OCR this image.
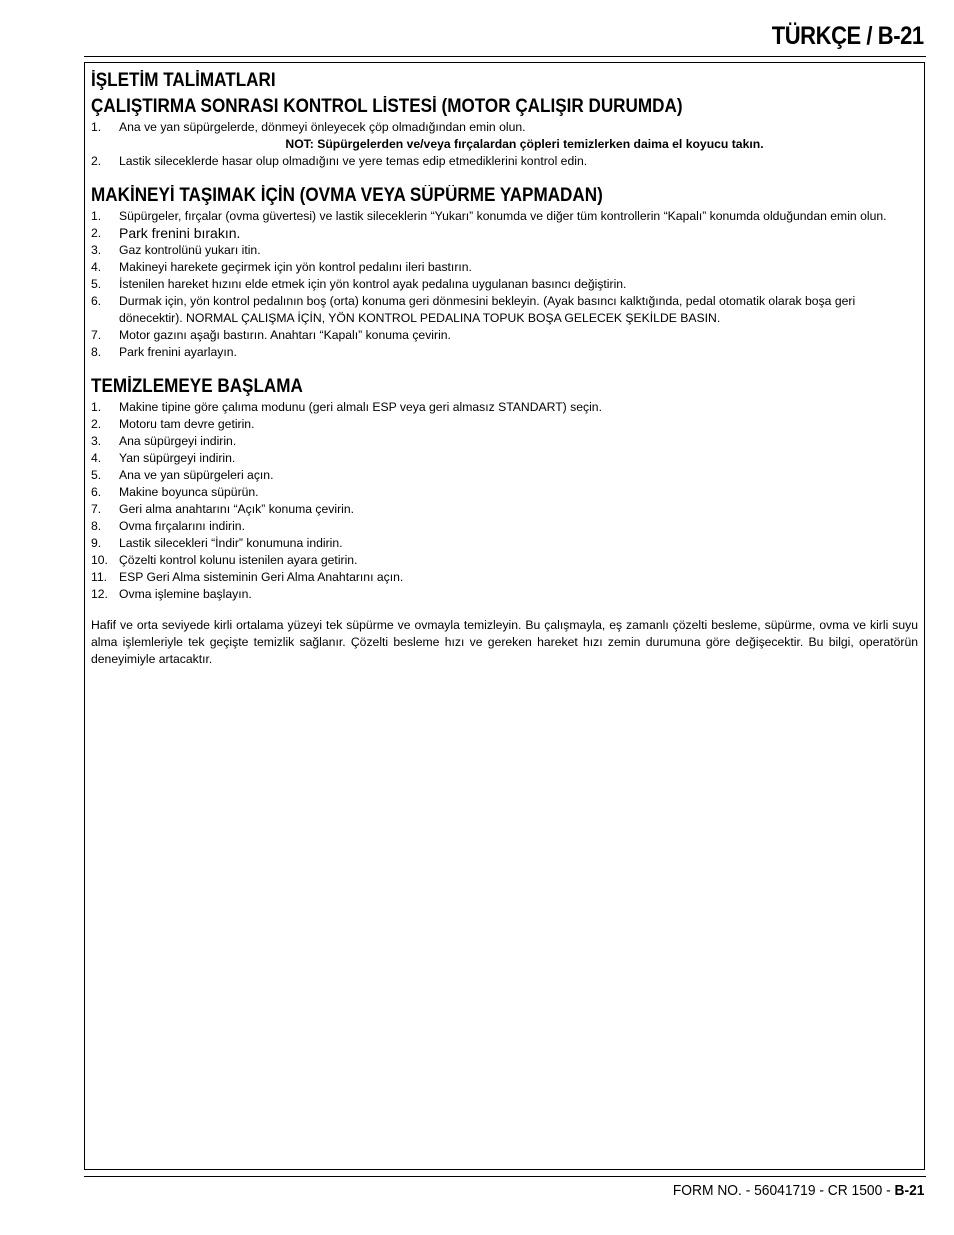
TÜRKÇE / B-21
İŞLETİM TALİMATLARI
ÇALIŞTIRMA SONRASI KONTROL LİSTESİ (MOTOR ÇALIŞIR DURUMDA)
1.	Ana ve yan süpürgelerde, dönmeyi önleyecek çöp olmadığından emin olun.
NOT: Süpürgelerden ve/veya fırçalardan çöpleri temizlerken daima el koyucu takın.
2.	Lastik sileceklerde hasar olup olmadığını ve yere temas edip etmediklerini kontrol edin.
MAKİNEYİ TAŞIMAK İÇİN (OVMA VEYA SÜPÜRME YAPMADAN)
1.	Süpürgeler, fırçalar (ovma güvertesi) ve lastik sileceklerin “Yukarı” konumda ve diğer tüm kontrollerin “Kapalı” konumda olduğundan emin olun.
2.	Park frenini bırakın.
3.	Gaz kontrolünü yukarı itin.
4.	Makineyi harekete geçirmek için yön kontrol pedalını ileri bastırın.
5.	İstenilen hareket hızını elde etmek için yön kontrol ayak pedalına uygulanan basıncı değiştirin.
6.	Durmak için, yön kontrol pedalının boş (orta) konuma geri dönmesini bekleyin. (Ayak basıncı kalktığında, pedal otomatik olarak boşa geri dönecektir). NORMAL ÇALIŞMA İÇİN, YÖN KONTROL PEDALINA TOPUK BOŞA GELECEK ŞEKİLDE BASIN.
7.	Motor gazını aşağı bastırın. Anahtarı “Kapalı” konuma çevirin.
8.	Park frenini ayarlayın.
TEMİZLEMEYE BAŞLAMA
1.	Makine tipine göre çalıma modunu (geri almalı ESP veya geri almasız STANDART) seçin.
2.	Motoru tam devre getirin.
3.	Ana süpürgeyi indirin.
4.	Yan süpürgeyi indirin.
5.	Ana ve yan süpürgeleri açın.
6.	Makine boyunca süpürün.
7.	Geri alma anahtarını “Açık” konuma çevirin.
8.	Ovma fırçalarını indirin.
9.	Lastik silecekleri “İndir” konumuna indirin.
10. Çözelti kontrol kolunu istenilen ayara getirin.
11. ESP Geri Alma sisteminin Geri Alma Anahtarını açın.
12. Ovma işlemine başlayın.

Hafif ve orta seviyede kirli ortalama yüzeyi tek süpürme ve ovmayla temizleyin. Bu çalışmayla, eş zamanlı çözelti besleme, süpürme, ovma ve kirli suyu alma işlemleriyle tek geçişte temizlik sağlanır. Çözelti besleme hızı ve gereken hareket hızı zemin durumuna göre değişecektir. Bu bilgi, operatörün deneyimiyle artacaktır.

FORM NO. - 56041719 - CR 1500 - B-21
